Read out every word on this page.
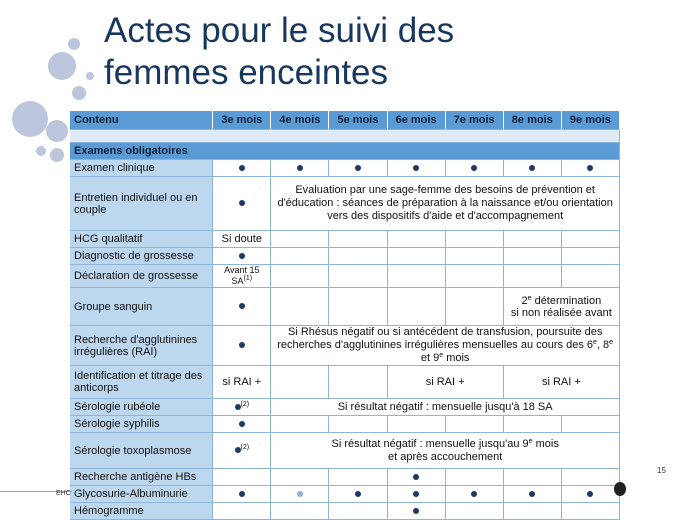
Actes pour le suivi des
femmes enceintes
Contenu	3e mois	4e mois	5e mois	6e mois	7e mois	8e mois	9e mois

Examens obligatoires							
Examen clinique							
Entretien individuel ou en couple		Evaluation par une sage-femme des besoins de prévention et d'éducation : séances de préparation à la naissance et/ou orientation vers des dispositifs d'aide et d'accompagnement					
HCG qualitatif	Si doute						
Diagnostic de grossesse							
Déclaration de grossesse	Avant 15 SA$^{(1)}$						
Groupe sanguin						2e détermination
si non réalisée avant	
Recherche d'agglutinines irrégulières (RAI)		Si Rhésus négatif ou si antécédent de transfusion, poursuite des recherches d'agglutinines irrégulières mensuelles au cours des 6e, 8e et 9e mois					
Identification et titrage des anticorps	si RAI +			si RAI +		si RAI +	
Sérologie rubéole	$^{(2)}$	Si résultat négatif : mensuelle jusqu'à 18 SA					
Sérologie syphilis							
Sérologie toxoplasmose	$^{(2)}$	Si résultat négatif : mensuelle jusqu'au 9e mois
et après accouchement					
Recherche antigène HBs							
Glycosurie-Albuminurie							
Hémogramme							
EHC
15
